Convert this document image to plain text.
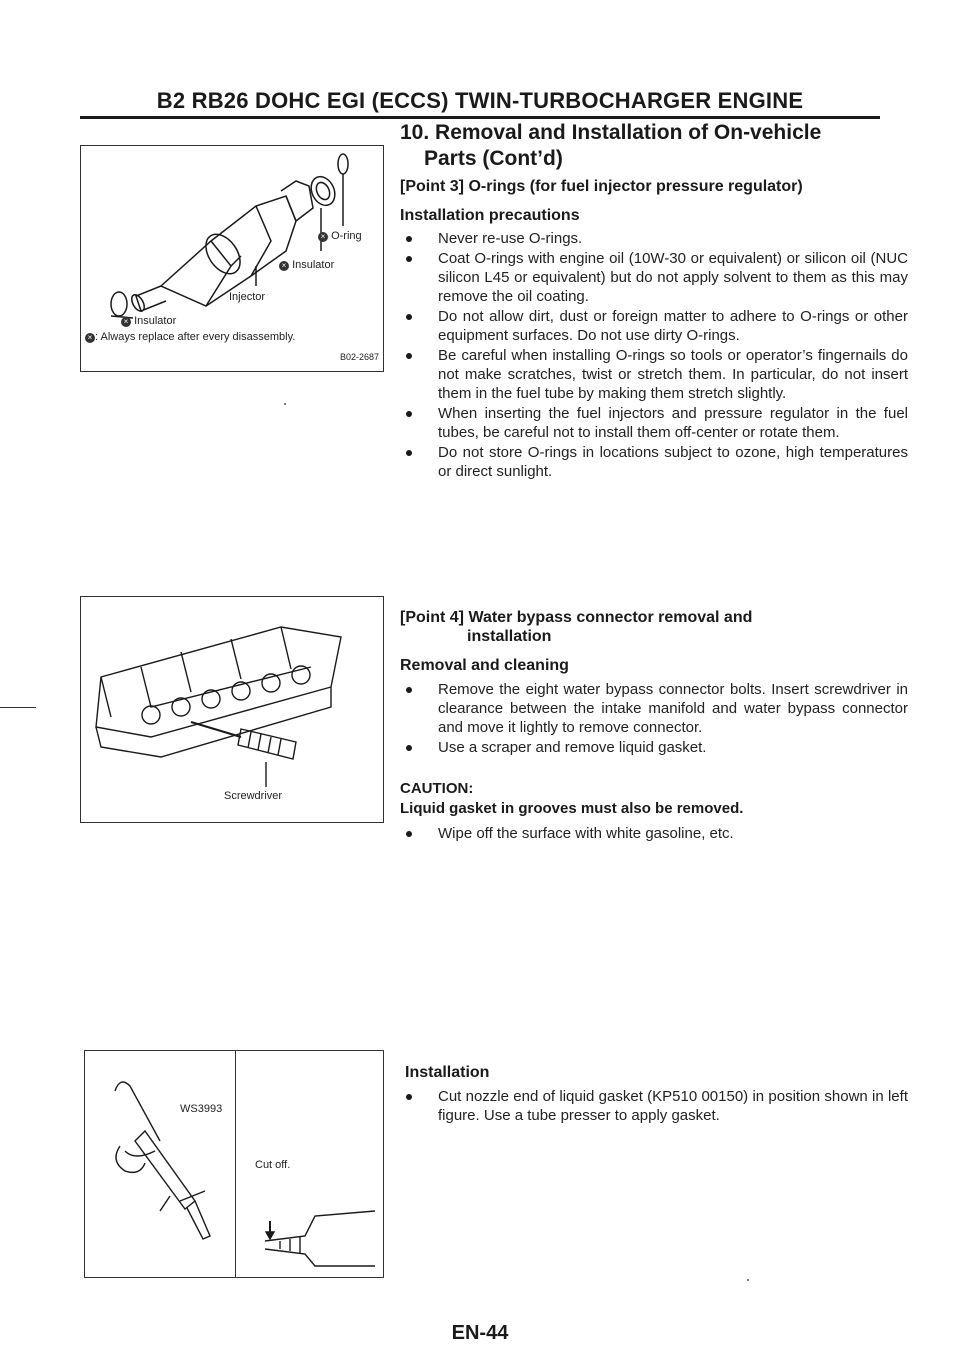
B2 RB26 DOHC EGI (ECCS) TWIN-TURBOCHARGER ENGINE
10. Removal and Installation of On-vehicle
Parts (Cont’d)
× O-ring
× Insulator
Injector
× Insulator
× : Always replace after every disassembly.
B02-2687
[Point 3] O-rings (for fuel injector pressure regulator)
Installation precautions
Never re-use O-rings.
Coat O-rings with engine oil (10W-30 or equivalent) or silicon oil (NUC silicon L45 or equivalent) but do not apply solvent to them as this may remove the oil coating.
Do not allow dirt, dust or foreign matter to adhere to O-rings or other equipment surfaces. Do not use dirty O-rings.
Be careful when installing O-rings so tools or operator’s fingernails do not make scratches, twist or stretch them. In particular, do not insert them in the fuel tube by making them stretch slightly.
When inserting the fuel injectors and pressure regulator in the fuel tubes, be careful not to install them off-center or rotate them.
Do not store O-rings in locations subject to ozone, high temperatures or direct sunlight.
Screwdriver
[Point 4] Water bypass connector removal and
installation
Removal and cleaning
Remove the eight water bypass connector bolts. Insert screwdriver in clearance between the intake manifold and water bypass connector and move it lightly to remove connector.
Use a scraper and remove liquid gasket.
CAUTION:
Liquid gasket in grooves must also be removed.
Wipe off the surface with white gasoline, etc.
WS3993
Cut off.
Installation
Cut nozzle end of liquid gasket (KP510 00150) in position shown in left figure. Use a tube presser to apply gasket.
EN-44
